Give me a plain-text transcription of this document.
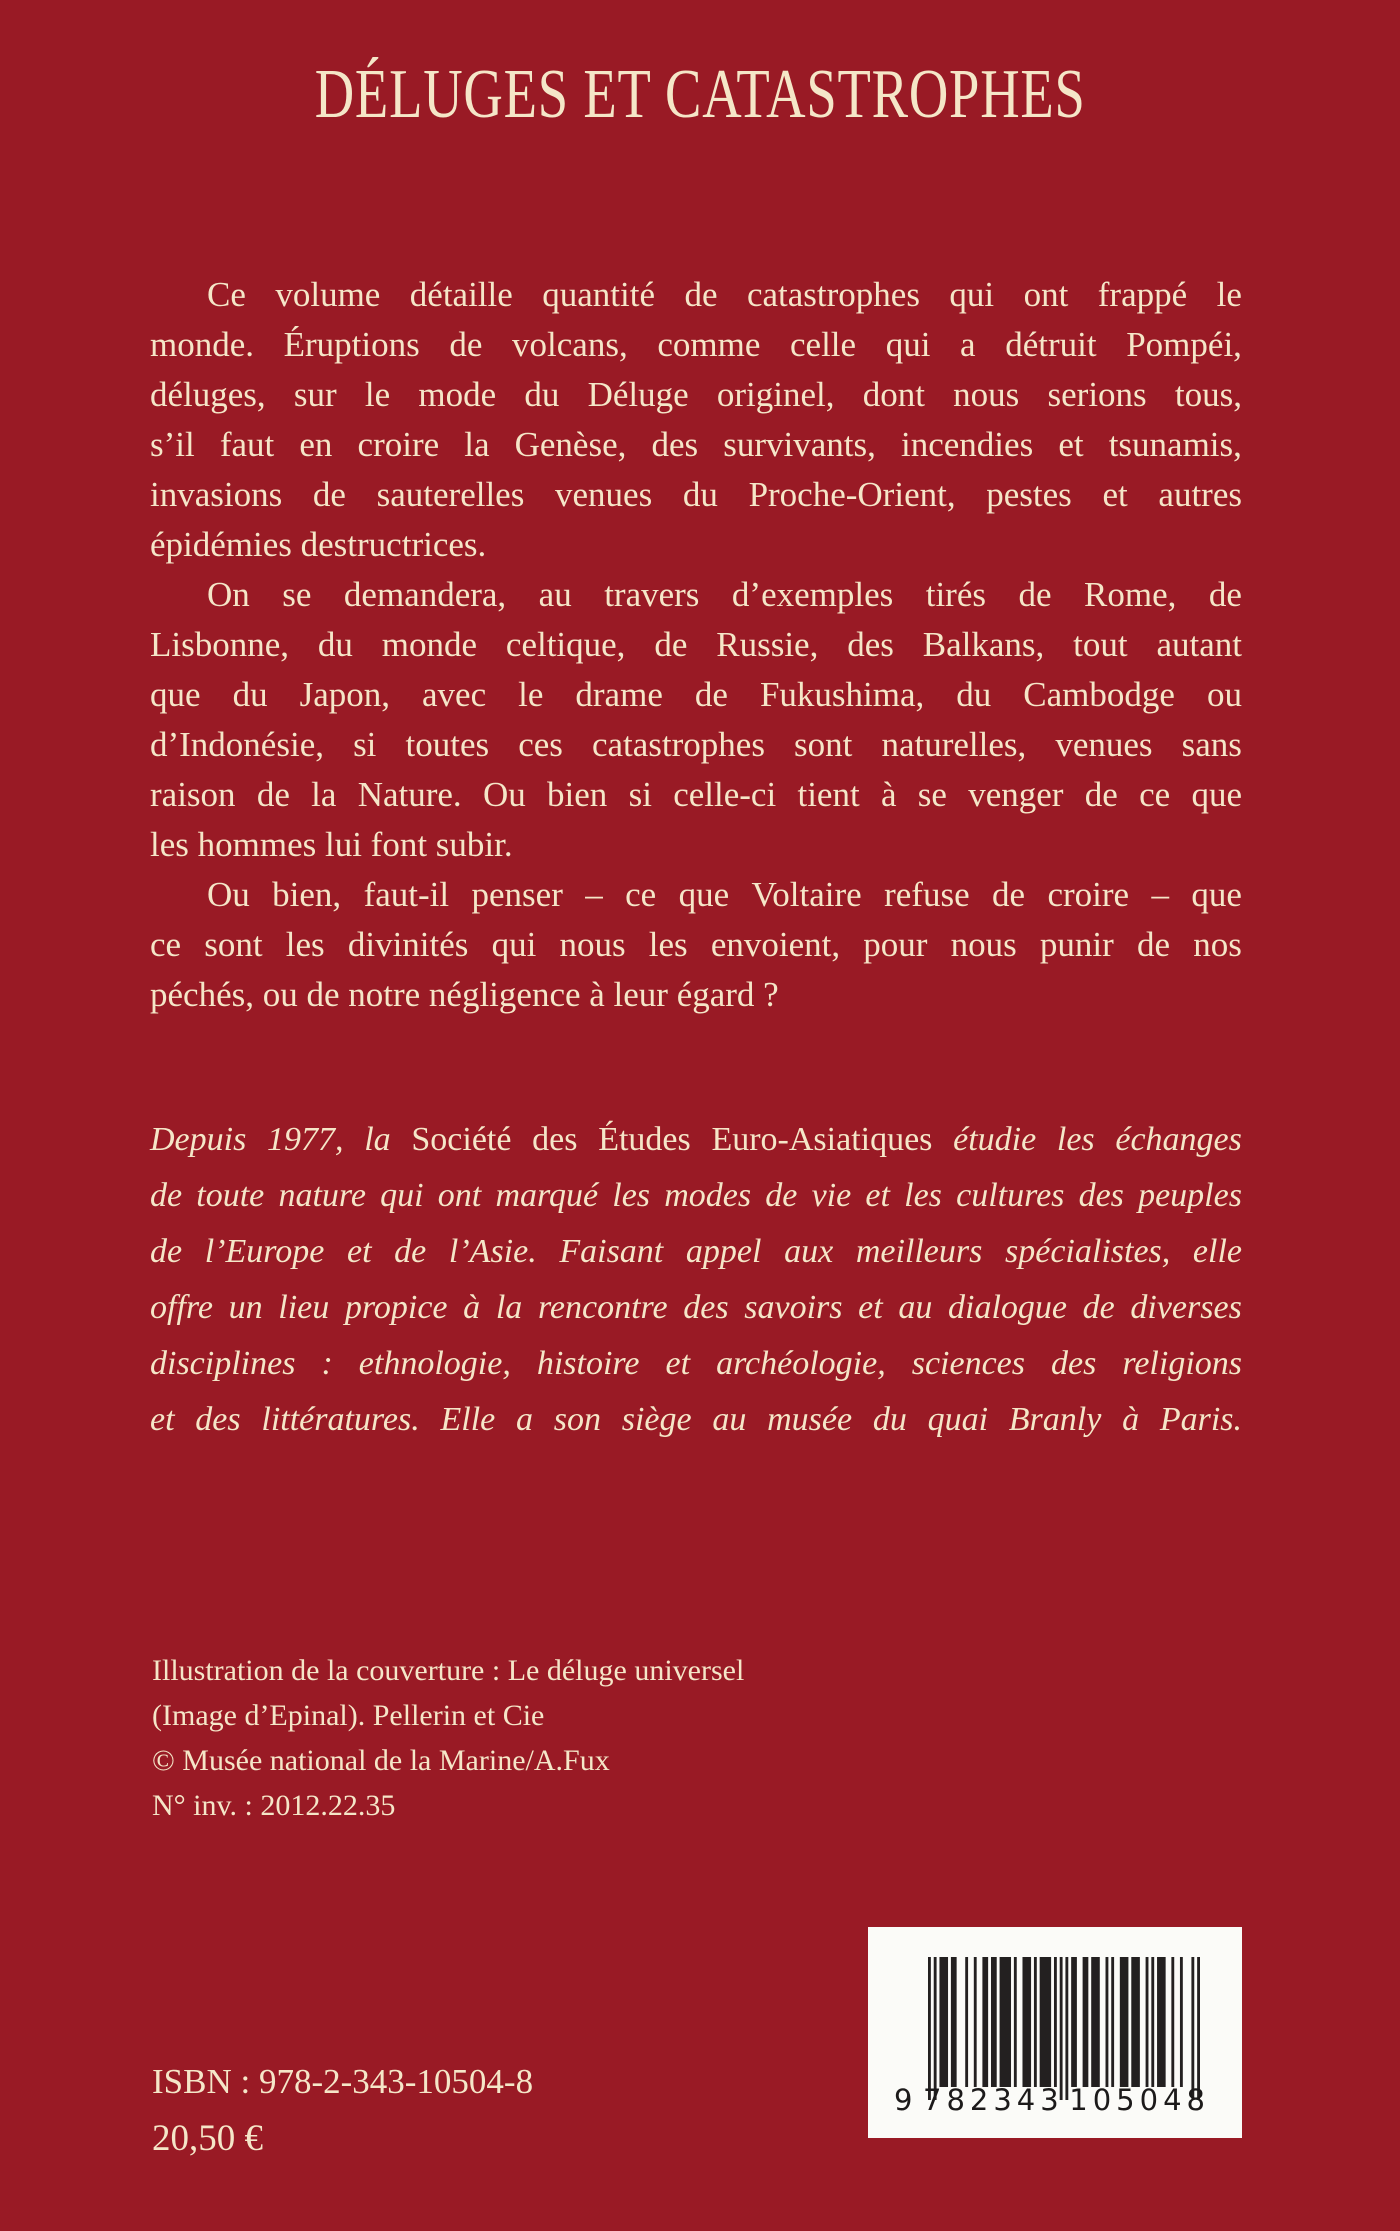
DÉLUGES ET CATASTROPHES
Ce volume détaille quantité de catastrophes qui ont frappé le
monde. Éruptions de volcans, comme celle qui a détruit Pompéi,
déluges, sur le mode du Déluge originel, dont nous serions tous,
s’il faut en croire la Genèse, des survivants, incendies et tsunamis,
invasions de sauterelles venues du Proche-Orient, pestes et autres
épidémies destructrices.
On se demandera, au travers d’exemples tirés de Rome, de
Lisbonne, du monde celtique, de Russie, des Balkans, tout autant
que du Japon, avec le drame de Fukushima, du Cambodge ou
d’Indonésie, si toutes ces catastrophes sont naturelles, venues sans
raison de la Nature. Ou bien si celle-ci tient à se venger de ce que
les hommes lui font subir.
Ou bien, faut-il penser – ce que Voltaire refuse de croire – que
ce sont les divinités qui nous les envoient, pour nous punir de nos
péchés, ou de notre négligence à leur égard ?
Depuis 1977, la Société des Études Euro-Asiatiques étudie les échanges
de toute nature qui ont marqué les modes de vie et les cultures des peuples
de l’Europe et de l’Asie. Faisant appel aux meilleurs spécialistes, elle
offre un lieu propice à la rencontre des savoirs et au dialogue de diverses
disciplines : ethnologie, histoire et archéologie, sciences des religions
et des littératures. Elle a son siège au musée du quai Branly à Paris.
Illustration de la couverture : Le déluge universel
(Image d’Epinal). Pellerin et Cie
© Musée national de la Marine/A.Fux
N° inv. : 2012.22.35
9 782343 105048
ISBN : 978-2-343-10504-8
20,50 €
